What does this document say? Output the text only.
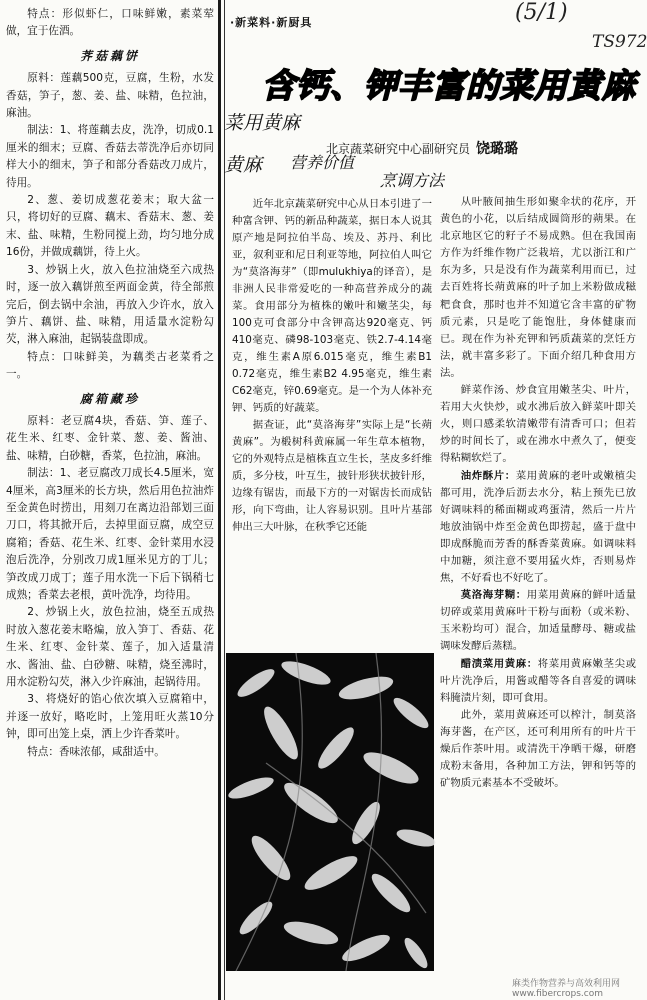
特点：形似虾仁，口味鲜嫩，素菜荤做，宜于佐酒。

荠菇藕饼

原料：莲藕500克，豆腐，生粉，水发香菇，笋子，葱、姜、盐、味精，色拉油，麻油。

制法：1、将莲藕去皮，洗净，切成0.1厘米的细末；豆腐、香菇去蒂洗净后亦切同样大小的细末，笋子和部分香菇改刀成片，待用。

2、葱、姜切成葱花姜末；取大盆一只，将切好的豆腐、藕末、香菇末、葱、姜末、盐、味精，生粉同搅上劲，均匀地分成16份，并做成藕饼，待上火。

3、炒锅上火，放入色拉油烧至六成热时，逐一放入藕饼煎至两面金黄，待全部煎完后，倒去锅中余油，再放入少许水，放入笋片、藕饼、盐、味精，用适量水淀粉勾芡，淋入麻油，起锅装盘即成。

特点：口味鲜美，为藕类古老菜肴之一。

腐箱藏珍

原料：老豆腐4块，香菇、笋、莲子、花生米、红枣、金针菜、葱、姜、酱油、盐、味精，白砂糖，香菜，色拉油，麻油。

制法：1、老豆腐改刀成长4.5厘米，宽4厘米，高3厘米的长方块，然后用色拉油炸至金黄色时捞出，用刻刀在离边沿部划三面刀口，将其掀开后，去掉里面豆腐，成空豆腐箱；香菇、花生米、红枣、金针菜用水浸泡后洗净，分别改刀成1厘米见方的丁儿；笋改成刀成丁；莲子用水洗一下后下锅稍七成熟；香菜去老根，黄叶洗净，均待用。

2、炒锅上火，放色拉油，烧至五成热时放入葱花姜末略煸，放入笋丁、香菇、花生米、红枣、金针菜、莲子，加入适量清水、酱油、盐、白砂糖、味精，烧至沸时，用水淀粉勾芡，淋入少许麻油，起锅待用。

3、将烧好的馅心依次填入豆腐箱中，并逐一放好，略吃时，上笼用旺火蒸10分钟，即可出笼上桌，洒上少许香菜叶。

特点：香味浓郁，咸甜适中。

·新菜料·新厨具	(5/1)
TS972
含钙、钾丰富的菜用黄麻
菜用黄麻
黄麻 营养价值
烹调方法
北京蔬菜研究中心副研究员 饶璐璐

近年北京蔬菜研究中心从日本引进了一种富含钾、钙的新品种蔬菜，据日本人说其原产地是阿拉伯半岛、埃及、苏丹、利比亚，叙利亚和尼日利亚等地，阿拉伯人叫它为“莫洛海芽”（即mulukhiya的译音），是非洲人民非常爱吃的一种高营养成分的蔬菜。食用部分为植株的嫩叶和嫩茎尖，每100克可食部分中含钾高达920毫克、钙410毫克、磷98-103毫克、铁2.7-4.14毫克，维生素A原6.015毫克，维生素B1 0.72毫克，维生素B2 4.95毫克，维生素C62毫克，锌0.69毫克。是一个为人体补充钾、钙质的好蔬菜。

据查证，此“莫洛海芽”实际上是“长蒴黄麻”。为椴树科黄麻属一年生草本植物，它的外观特点是植株直立生长，茎皮多纤维质，多分枝，叶互生，披针形狭状披针形，边缘有锯齿，而最下方的一对锯齿长而成钻形，向下弯曲，让人容易识别。且叶片基部伸出三大叶脉，在秋季它还能

从叶腋间抽生形如聚伞状的花序，开黄色的小花，以后结成圆筒形的蒴果。在北京地区它的籽子不易成熟。但在我国南方作为纤维作物广泛栽培，尤以浙江和广东为多，只是没有作为蔬菜利用而已，过去百姓将长蒴黄麻的叶子加上米粉做成糍粑食食，那时也并不知道它含丰富的矿物质元素，只是吃了能饱肚，身体健康而已。现在作为补充钾和钙质蔬菜的烹饪方法，就丰富多彩了。下面介绍几种食用方法。

鲜菜作汤、炒食宜用嫩茎尖、叶片，若用大火快炒，或水沸后放入鲜菜叶即关火，则口感柔软清嫩带有清香可口；但若炒的时间长了，或在沸水中煮久了，便变得粘糊软烂了。

油炸酥片：菜用黄麻的老叶或嫩植尖都可用，洗净后沥去水分，粘上预先已放好调味料的稀面糊或鸡蛋清，然后一片片地放油锅中炸至金黄色即捞起，盛于盘中即成酥脆而芳香的酥香菜黄麻。如调味料中加糖，须注意不要用猛火炸，否则易炸焦，不好看也不好吃了。

莫洛海芽糊：用菜用黄麻的鲜叶适量切碎或菜用黄麻叶干粉与面粉（或米粉、玉米粉均可）混合，加适量酵母、糖或盐调味发酵后蒸糕。

醋渍菜用黄麻：将菜用黄麻嫩茎尖或叶片洗净后，用酱或醋等各自喜爱的调味料腌渍片刻，即可食用。

此外，菜用黄麻还可以榨汁，制莫洛海芽酱，在产区，还可利用所有的叶片干燥后作茶叶用。或清洗干净晒干爆，研磨成粉末备用，各种加工方法，钾和钙等的矿物质元素基本不受破坏。

麻类作物营养与高效利用网 www.fibercrops.com
